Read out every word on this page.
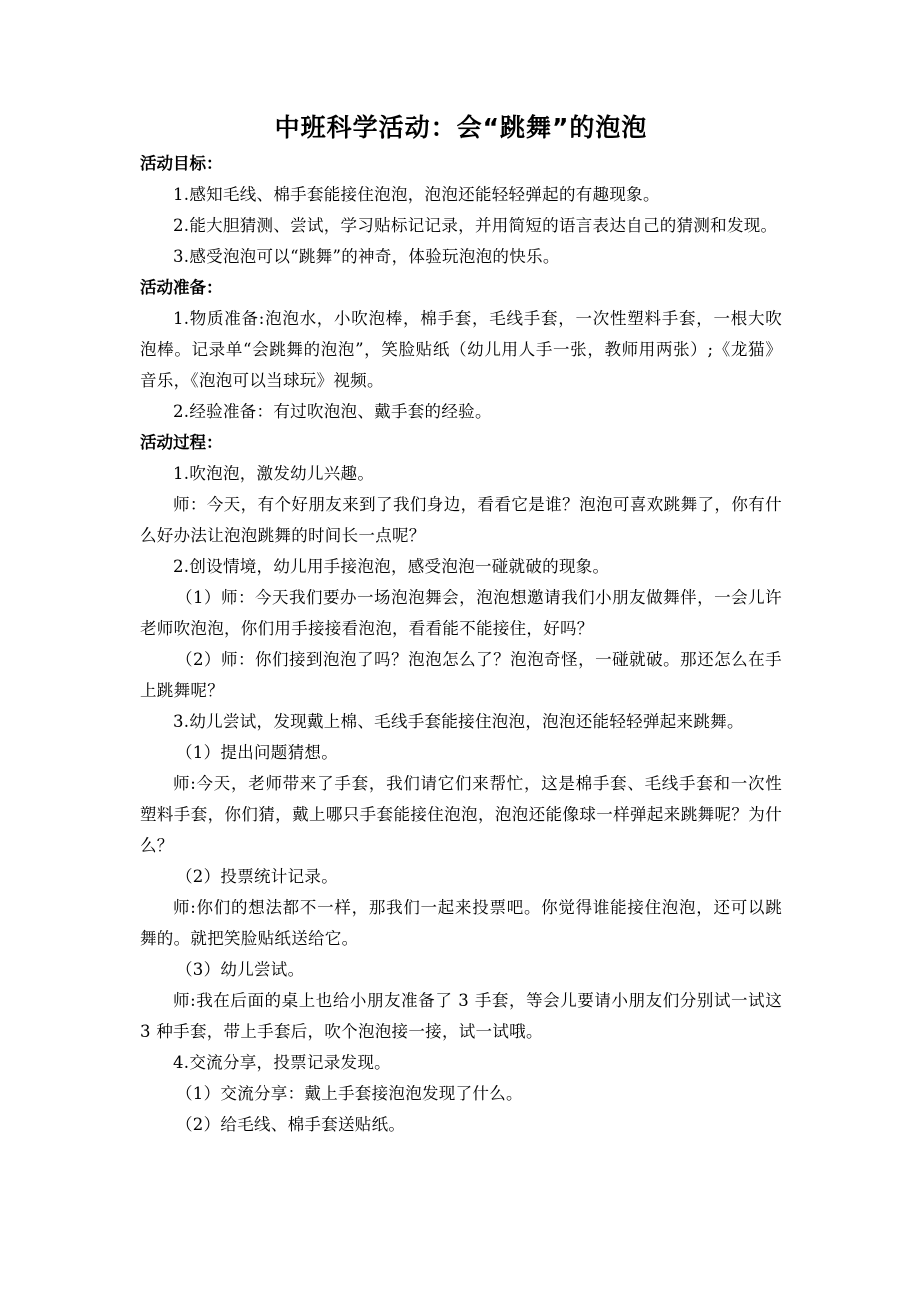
中班科学活动：会“跳舞”的泡泡

活动目标：

1.感知毛线、棉手套能接住泡泡，泡泡还能轻轻弹起的有趣现象。

2.能大胆猜测、尝试，学习贴标记记录，并用简短的语言表达自己的猜测和发现。

3.感受泡泡可以“跳舞”的神奇，体验玩泡泡的快乐。

活动准备：

1.物质准备:泡泡水，小吹泡棒，棉手套，毛线手套，一次性塑料手套，一根大吹泡棒。记录单“会跳舞的泡泡”，笑脸贴纸（幼儿用人手一张，教师用两张）;《龙猫》音乐，《泡泡可以当球玩》视频。

2.经验准备：有过吹泡泡、戴手套的经验。

活动过程：

1.吹泡泡，激发幼儿兴趣。

师：今天，有个好朋友来到了我们身边，看看它是谁？泡泡可喜欢跳舞了，你有什么好办法让泡泡跳舞的时间长一点呢？

2.创设情境，幼儿用手接泡泡，感受泡泡一碰就破的现象。

（1）师：今天我们要办一场泡泡舞会，泡泡想邀请我们小朋友做舞伴，一会儿许老师吹泡泡，你们用手接接看泡泡，看看能不能接住，好吗？

（2）师：你们接到泡泡了吗？泡泡怎么了？泡泡奇怪，一碰就破。那还怎么在手上跳舞呢？

3.幼儿尝试，发现戴上棉、毛线手套能接住泡泡，泡泡还能轻轻弹起来跳舞。

（1）提出问题猜想。

师:今天，老师带来了手套，我们请它们来帮忙，这是棉手套、毛线手套和一次性塑料手套，你们猜，戴上哪只手套能接住泡泡，泡泡还能像球一样弹起来跳舞呢？为什么？

（2）投票统计记录。

师:你们的想法都不一样，那我们一起来投票吧。你觉得谁能接住泡泡，还可以跳舞的。就把笑脸贴纸送给它。

（3）幼儿尝试。

师:我在后面的桌上也给小朋友准备了 3 手套，等会儿要请小朋友们分别试一试这 3 种手套，带上手套后，吹个泡泡接一接，试一试哦。

4.交流分享，投票记录发现。

（1）交流分享：戴上手套接泡泡发现了什么。

（2）给毛线、棉手套送贴纸。
